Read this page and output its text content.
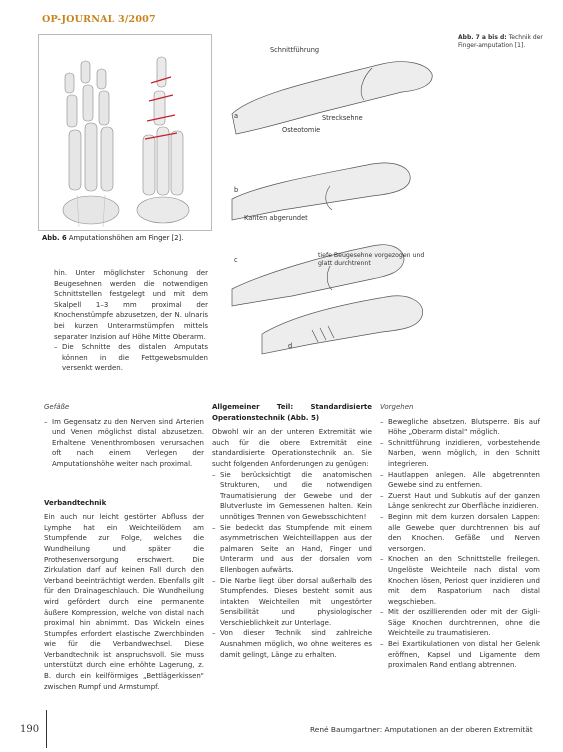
OP-JOURNAL 3/2007
Abb. 6 Amputationshöhen am Finger [2].
Schnittführung
Strecksehne
Osteotomie
Kanten abgerundet
a
b
c
d
tiefe Beugesehne vorgezogen und glatt durchtrennt
Abb. 7 a bis d: Technik der Finger-amputation [1].

hin. Unter möglichster Schonung der Beugesehnen werden die notwendigen Schnittstellen festgelegt und mit dem Skalpell 1–3 mm proximal der Knochenstümpfe abzusetzen, der N. ulnaris bei kurzen Unterarmstümpfen mittels separater Inzision auf Höhe Mitte Oberarm.

– Die Schnitte des distalen Amputats können in die Fettgewebsmulden versenkt werden.

Gefäße

– Im Gegensatz zu den Nerven sind Arterien und Venen möglichst distal abzusetzen. Erhaltene Venenthrombosen verursachen oft nach einem Verlegen der Amputationshöhe weiter nach proximal.

Verbandtechnik

Ein auch nur leicht gestörter Abfluss der Lymphe hat ein Weichteilödem am Stumpfende zur Folge, welches die Wundheilung und später die Prothesenversorgung erschwert. Die Zirkulation darf auf keinen Fall durch den Verband beeinträchtigt werden. Ebenfalls gilt für den Drainageschlauch. Die Wundheilung wird gefördert durch eine permanente äußere Kompression, welche von distal nach proximal hin abnimmt. Das Wickeln eines Stumpfes erfordert elastische Zwerchbinden wie für die Verbandwechsel. Diese Verbandtechnik ist anspruchsvoll. Sie muss unterstützt durch eine erhöhte Lagerung, z. B. durch ein keilförmiges „Bettlägerkissen“ zwischen Rumpf und Armstumpf.

Allgemeiner Teil: Standardisierte Operationstechnik (Abb. 5)

Obwohl wir an der unteren Extremität wie auch für die obere Extremität eine standardisierte Operationstechnik an. Sie sucht folgenden Anforderungen zu genügen:

– Sie berücksichtigt die anatomischen Strukturen, und die notwendigen Traumatisierung der Gewebe und der Blutverluste im Gemessenen halten. Kein unnötiges Trennen von Gewebsschichten!
– Sie bedeckt das Stumpfende mit einem asymmetrischen Weichteillappen aus der palmaren Seite an Hand, Finger und Unterarm und aus der dorsalen vom Ellenbogen aufwärts.
– Die Narbe liegt über dorsal außerhalb des Stumpfendes. Dieses besteht somit aus intakten Weichteilen mit ungestörter Sensibilität und physiologischer Verschieblichkeit zur Unterlage.
– Von dieser Technik sind zahlreiche Ausnahmen möglich, wo ohne weiteres es damit gelingt, Länge zu erhalten.

Vorgehen

– Bewegliche absetzen. Blutsperre. Bis auf Höhe „Oberarm distal“ möglich.
– Schnittführung inzidieren, vorbestehende Narben, wenn möglich, in den Schnitt integrieren.
– Hautlappen anlegen. Alle abgetrennten Gewebe sind zu entfernen.
– Zuerst Haut und Subkutis auf der ganzen Länge senkrecht zur Oberfläche inzidieren.
– Beginn mit dem kurzen dorsalen Lappen: alle Gewebe quer durchtrennen bis auf den Knochen. Gefäße und Nerven versorgen.
– Knochen an den Schnittstelle freilegen. Ungelöste Weichteile nach distal vom Knochen lösen, Periost quer inzidieren und mit dem Raspatorium nach distal wegschieben.
– Mit der oszillierenden oder mit der Gigli-Säge Knochen durchtrennen, ohne die Weichteile zu traumatisieren.
– Bei Exartikulationen von distal her Gelenk eröffnen, Kapsel und Ligamente dem proximalen Rand entlang abtrennen.
190	René Baumgartner: Amputationen an der oberen Extremität
